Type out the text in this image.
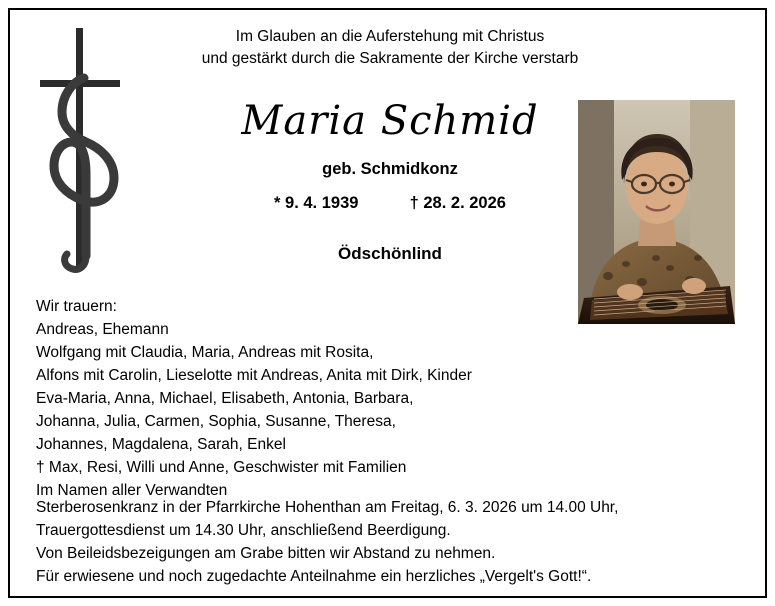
Im Glauben an die Auferstehung mit Christus
und gestärkt durch die Sakramente der Kirche verstarb
Maria Schmid
geb. Schmidkonz
* 9. 4. 1939	† 28. 2. 2026
Ödschönlind
Wir trauern:
Andreas, Ehemann
Wolfgang mit Claudia, Maria, Andreas mit Rosita,
Alfons mit Carolin, Lieselotte mit Andreas, Anita mit Dirk, Kinder
Eva-Maria, Anna, Michael, Elisabeth, Antonia, Barbara,
Johanna, Julia, Carmen, Sophia, Susanne, Theresa,
Johannes, Magdalena, Sarah, Enkel
† Max, Resi, Willi und Anne, Geschwister mit Familien
Im Namen aller Verwandten
Sterberosenkranz in der Pfarrkirche Hohenthan am Freitag, 6. 3. 2026 um 14.00 Uhr,
Trauergottesdienst um 14.30 Uhr, anschließend Beerdigung.
Von Beileidsbezeigungen am Grabe bitten wir Abstand zu nehmen.
Für erwiesene und noch zugedachte Anteilnahme ein herzliches „Vergelt's Gott!“.
